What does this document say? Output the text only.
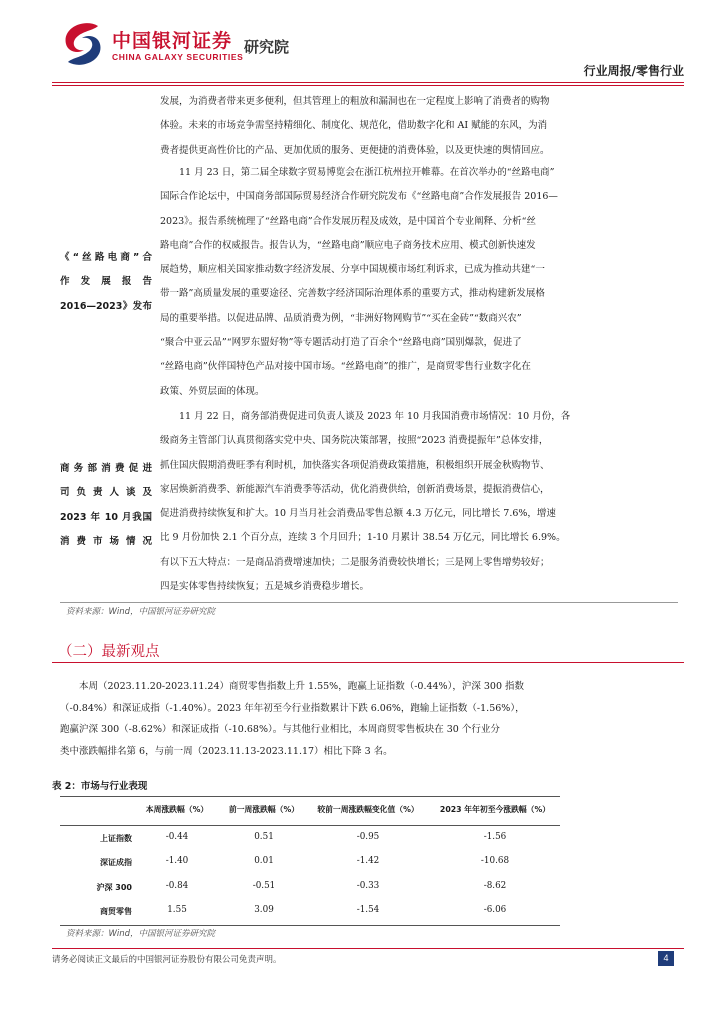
中国银河证券
CHINA GALAXY SECURITIES
研究院
行业周报/零售行业
发展，为消费者带来更多便利，但其管理上的粗放和漏洞也在一定程度上影响了消费者的购物
体验。未来的市场竞争需坚持精细化、制度化、规范化，借助数字化和 AI 赋能的东风，为消
费者提供更高性价比的产品、更加优质的服务、更便捷的消费体验，以及更快速的舆情回应。
《“丝路电商”合
作发展报告
2016—2023》发布
11 月 23 日，第二届全球数字贸易博览会在浙江杭州拉开帷幕。在首次举办的“丝路电商”
国际合作论坛中，中国商务部国际贸易经济合作研究院发布《“丝路电商”合作发展报告 2016—
2023》。报告系统梳理了“丝路电商”合作发展历程及成效，是中国首个专业阐释、分析“丝
路电商”合作的权威报告。报告认为，“丝路电商”顺应电子商务技术应用、模式创新快速发
展趋势，顺应相关国家推动数字经济发展、分享中国规模市场红利诉求，已成为推动共建“一
带一路”高质量发展的重要途径、完善数字经济国际治理体系的重要方式，推动构建新发展格
局的重要举措。以促进品牌、品质消费为例，“非洲好物网购节”“买在金砖”“数商兴农”
“聚合中亚云品”“网罗东盟好物”等专题活动打造了百余个“丝路电商”国别爆款，促进了
“丝路电商”伙伴国特色产品对接中国市场。“丝路电商”的推广，是商贸零售行业数字化在
政策、外贸层面的体现。
商务部消费促进
司负责人谈及
2023 年 10 月我国
消费市场情况
11 月 22 日，商务部消费促进司负责人谈及 2023 年 10 月我国消费市场情况：10 月份，各
级商务主管部门认真贯彻落实党中央、国务院决策部署，按照“2023 消费提振年”总体安排，
抓住国庆假期消费旺季有利时机，加快落实各项促消费政策措施，积极组织开展金秋购物节、
家居焕新消费季、新能源汽车消费季等活动，优化消费供给，创新消费场景，提振消费信心，
促进消费持续恢复和扩大。10 月当月社会消费品零售总额 4.3 万亿元，同比增长 7.6%，增速
比 9 月份加快 2.1 个百分点，连续 3 个月回升；1-10 月累计 38.54 万亿元，同比增长 6.9%。
有以下五大特点：一是商品消费增速加快；二是服务消费较快增长；三是网上零售增势较好；
四是实体零售持续恢复；五是城乡消费稳步增长。
资料来源：Wind，中国银河证券研究院
（二）最新观点
本周（2023.11.20-2023.11.24）商贸零售指数上升 1.55%，跑赢上证指数（-0.44%），沪深 300 指数
（-0.84%）和深证成指（-1.40%）。2023 年年初至今行业指数累计下跌 6.06%，跑输上证指数（-1.56%），
跑赢沪深 300（-8.62%）和深证成指（-10.68%）。与其他行业相比，本周商贸零售板块在 30 个行业分
类中涨跌幅排名第 6，与前一周（2023.11.13-2023.11.17）相比下降 3 名。
表 2：市场与行业表现
本周涨跌幅（%）	前一周涨跌幅（%）	较前一周涨跌幅变化值（%）	2023 年年初至今涨跌幅（%）
上证指数	-0.44	0.51	-0.95	-1.56
深证成指	-1.40	0.01	-1.42	-10.68
沪深 300	-0.84	-0.51	-0.33	-8.62
商贸零售	1.55	3.09	-1.54	-6.06
资料来源：Wind，中国银河证券研究院
请务必阅读正文最后的中国银河证券股份有限公司免责声明。	4
